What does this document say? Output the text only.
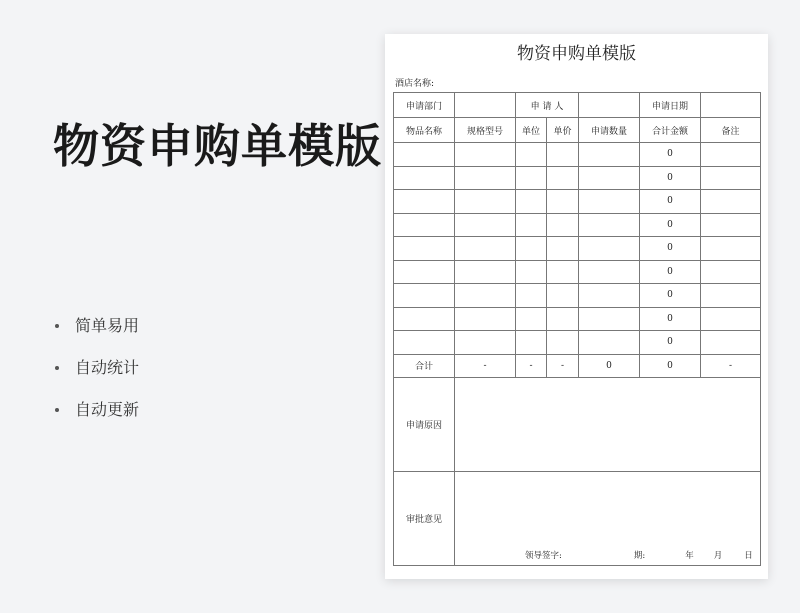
物资申购单模版
简单易用
自动统计
自动更新
物资申购单模版
酒店名称:
申请部门		申 请 人			申请日期	
物品名称	规格型号	单位	单价	申请数量	合计金额	备注
					0	
					0	
					0	
					0	
					0	
					0	
					0	
					0	
					0	
合计	-	-	-	0	0	-
申请原因						
审批意见	领导签字: 期: 年 月 日					
